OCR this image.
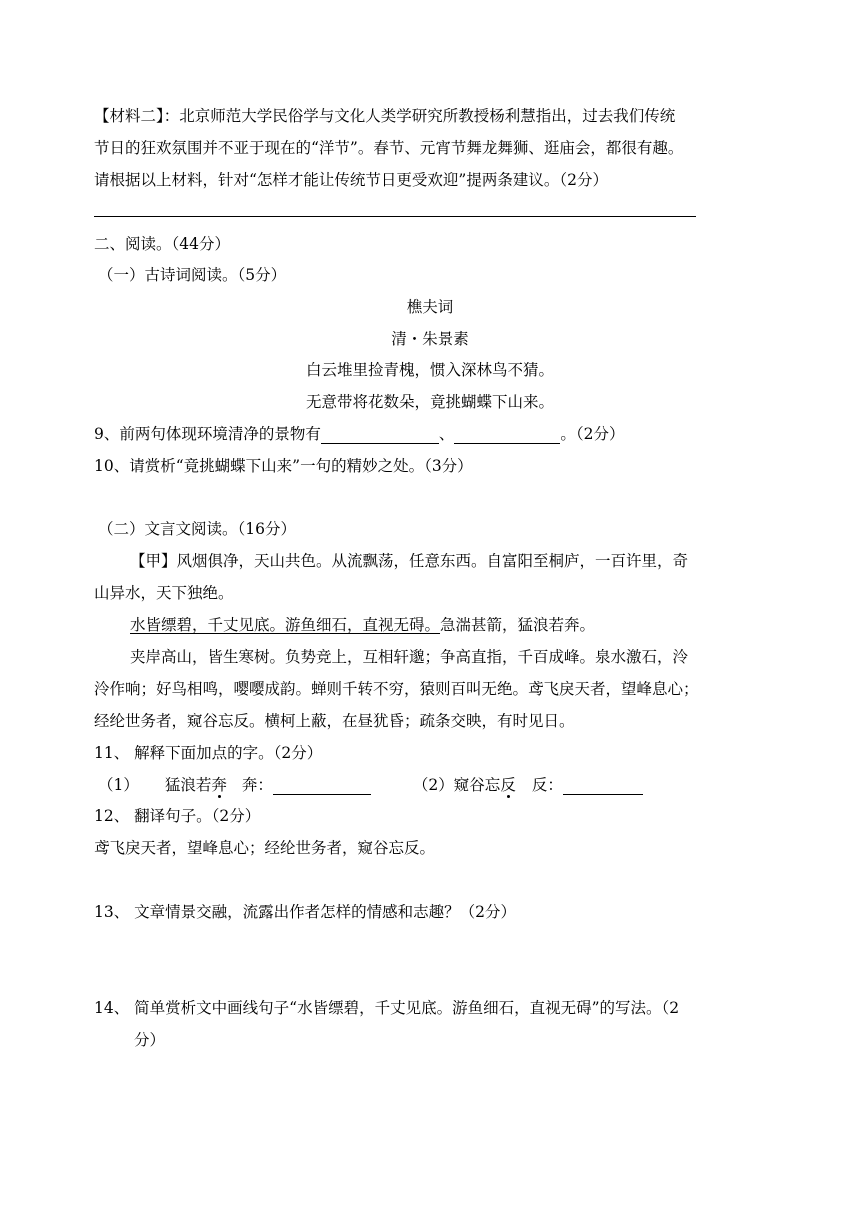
【材料二】：北京师范大学民俗学与文化人类学研究所教授杨利慧指出，过去我们传统
节日的狂欢氛围并不亚于现在的“洋节”。春节、元宵节舞龙舞狮、逛庙会，都很有趣。
请根据以上材料，针对“怎样才能让传统节日更受欢迎”提两条建议。（2分）
二、阅读。（44分）
（一）古诗词阅读。（5分）
樵夫词
清・朱景素
白云堆里捡青槐，惯入深林鸟不猜。
无意带将花数朵，竟挑蝴蝶下山来。
9、前两句体现环境清净的景物有	、	。（2分）
10、请赏析“竟挑蝴蝶下山来”一句的精妙之处。（3分）
（二）文言文阅读。（16分）
【甲】风烟俱净，天山共色。从流飘荡，任意东西。自富阳至桐庐，一百许里，奇
山异水，天下独绝。
水皆缥碧，千丈见底。游鱼细石，直视无碍。急湍甚箭，猛浪若奔。
夹岸高山，皆生寒树。负势竞上，互相轩邈；争高直指，千百成峰。泉水激石，泠
泠作响；好鸟相鸣，嘤嘤成韵。蝉则千转不穷，猿则百叫无绝。鸢飞戾天者，望峰息心；
经纶世务者，窥谷忘反。横柯上蔽，在昼犹昏；疏条交映，有时见日。
11、 解释下面加点的字。（2分）
（1） 猛浪若奔 奔：	（2）窥谷忘反 反：
12、 翻译句子。（2分）
鸢飞戾天者，望峰息心；经纶世务者，窥谷忘反。
13、 文章情景交融，流露出作者怎样的情感和志趣？（2分）
14、 简单赏析文中画线句子“水皆缥碧，千丈见底。游鱼细石，直视无碍”的写法。（2
分）
